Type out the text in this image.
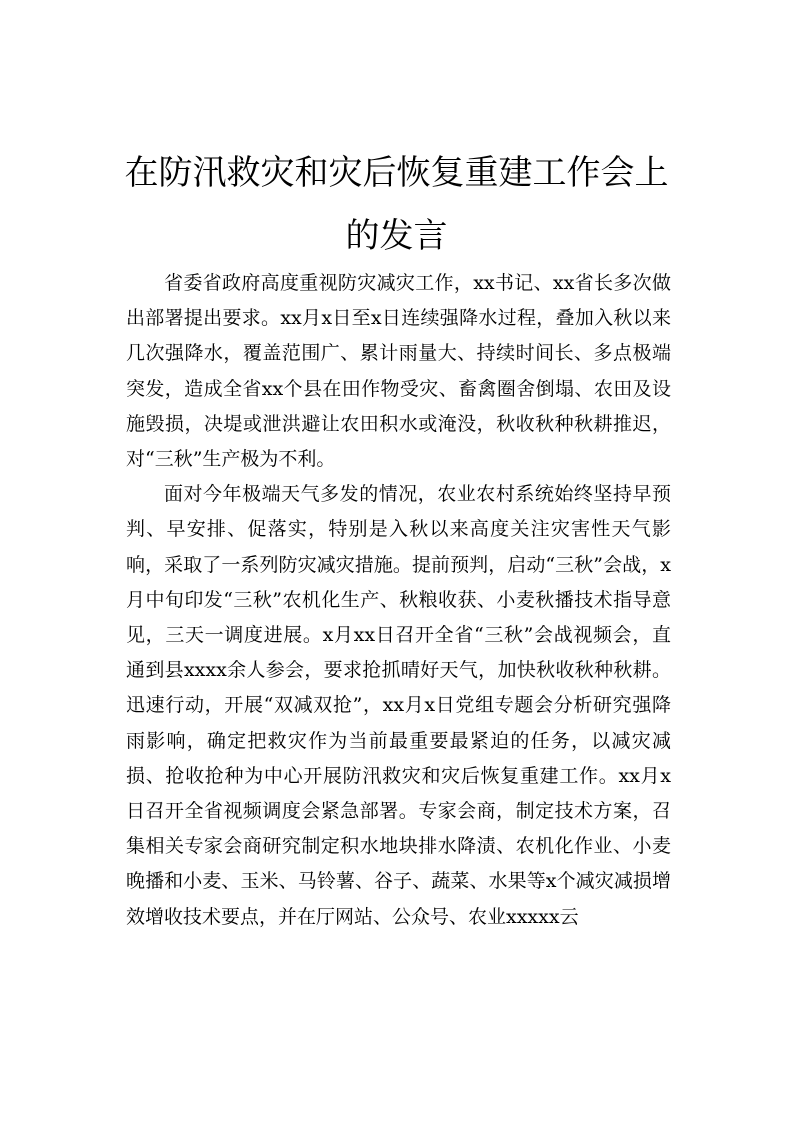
在防汛救灾和灾后恢复重建工作会上的发言

省委省政府高度重视防灾减灾工作，xx书记、xx省长多次做出部署提出要求。xx月x日至x日连续强降水过程，叠加入秋以来几次强降水，覆盖范围广、累计雨量大、持续时间长、多点极端突发，造成全省xx个县在田作物受灾、畜禽圈舍倒塌、农田及设施毁损，决堤或泄洪避让农田积水或淹没，秋收秋种秋耕推迟，对“三秋”生产极为不利。

面对今年极端天气多发的情况，农业农村系统始终坚持早预判、早安排、促落实，特别是入秋以来高度关注灾害性天气影响，采取了一系列防灾减灾措施。提前预判，启动“三秋”会战，x月中旬印发“三秋”农机化生产、秋粮收获、小麦秋播技术指导意见，三天一调度进展。x月xx日召开全省“三秋”会战视频会，直通到县xxxx余人参会，要求抢抓晴好天气，加快秋收秋种秋耕。迅速行动，开展“双减双抢”，xx月x日党组专题会分析研究强降雨影响，确定把救灾作为当前最重要最紧迫的任务，以减灾减损、抢收抢种为中心开展防汛救灾和灾后恢复重建工作。xx月x日召开全省视频调度会紧急部署。专家会商，制定技术方案，召集相关专家会商研究制定积水地块排水降渍、农机化作业、小麦晚播和小麦、玉米、马铃薯、谷子、蔬菜、水果等x个减灾减损增效增收技术要点，并在厅网站、公众号、农业xxxxx云
